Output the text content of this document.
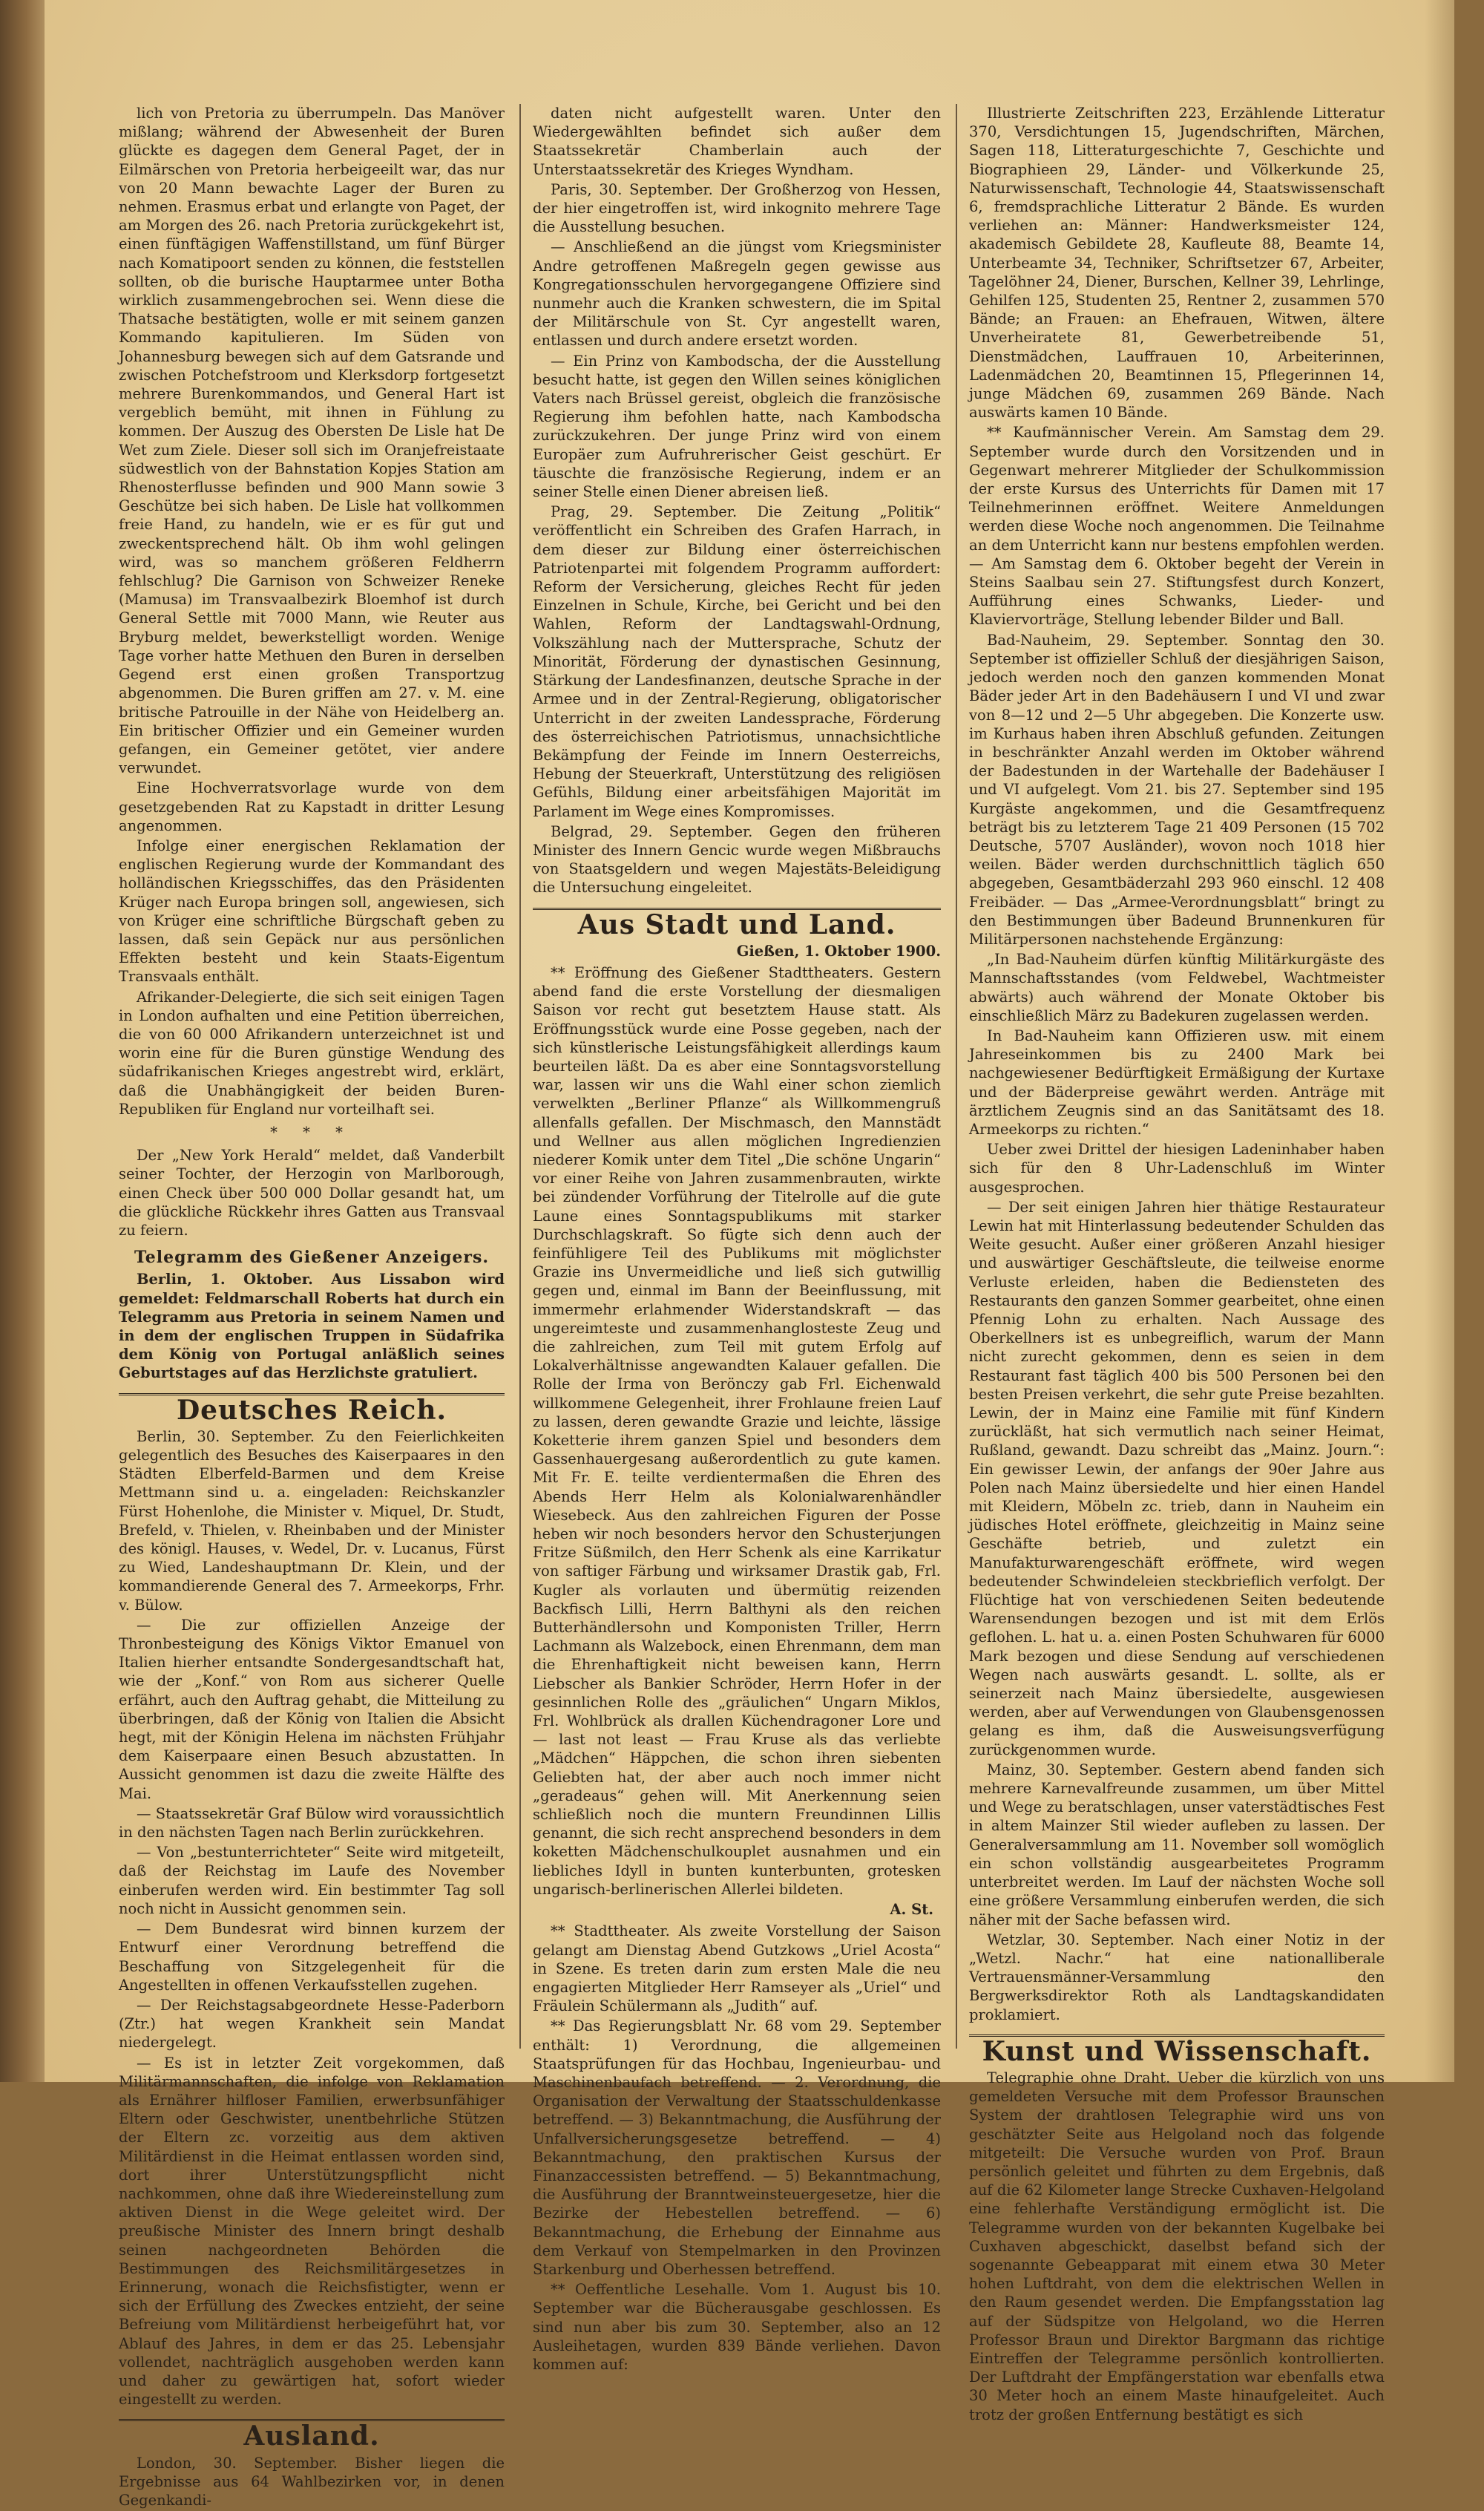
lich von Pretoria zu überrumpeln. Das Manöver mißlang; während der Abwesenheit der Buren glückte es dagegen dem General Paget, der in Eilmärschen von Pretoria herbeigeeilt war, das nur von 20 Mann bewachte Lager der Buren zu nehmen. Erasmus erbat und erlangte von Paget, der am Morgen des 26. nach Pretoria zurückgekehrt ist, einen fünftägigen Waffenstillstand, um fünf Bürger nach Komatipoort senden zu können, die feststellen sollten, ob die burische Hauptarmee unter Botha wirklich zusammengebrochen sei. Wenn diese die Thatsache bestätigten, wolle er mit seinem ganzen Kommando kapitulieren. Im Süden von Johannesburg bewegen sich auf dem Gatsrande und zwischen Potchefstroom und Klerksdorp fortgesetzt mehrere Burenkommandos, und General Hart ist vergeblich bemüht, mit ihnen in Fühlung zu kommen. Der Auszug des Obersten De Lisle hat De Wet zum Ziele. Dieser soll sich im Oranjefreistaate südwestlich von der Bahnstation Kopjes Station am Rhenosterflusse befinden und 900 Mann sowie 3 Geschütze bei sich haben. De Lisle hat vollkommen freie Hand, zu handeln, wie er es für gut und zweckentsprechend hält. Ob ihm wohl gelingen wird, was so manchem größeren Feldherrn fehlschlug? Die Garnison von Schweizer Reneke (Mamusa) im Transvaalbezirk Bloemhof ist durch General Settle mit 7000 Mann, wie Reuter aus Bryburg meldet, bewerkstelligt worden. Wenige Tage vorher hatte Methuen den Buren in derselben Gegend erst einen großen Transportzug abgenommen. Die Buren griffen am 27. v. M. eine britische Patrouille in der Nähe von Heidelberg an. Ein britischer Offizier und ein Gemeiner wurden gefangen, ein Gemeiner getötet, vier andere verwundet.

Eine Hochverratsvorlage wurde von dem gesetzgebenden Rat zu Kapstadt in dritter Lesung angenommen.

Infolge einer energischen Reklamation der englischen Regierung wurde der Kommandant des holländischen Kriegsschiffes, das den Präsidenten Krüger nach Europa bringen soll, angewiesen, sich von Krüger eine schriftliche Bürgschaft geben zu lassen, daß sein Gepäck nur aus persönlichen Effekten besteht und kein Staats-Eigentum Transvaals enthält.

Afrikander-Delegierte, die sich seit einigen Tagen in London aufhalten und eine Petition überreichen, die von 60 000 Afrikandern unterzeichnet ist und worin eine für die Buren günstige Wendung des südafrikanischen Krieges angestrebt wird, erklärt, daß die Unabhängigkeit der beiden Buren-Republiken für England nur vorteilhaft sei.

* * *

Der „New York Herald“ meldet, daß Vanderbilt seiner Tochter, der Herzogin von Marlborough, einen Check über 500 000 Dollar gesandt hat, um die glückliche Rückkehr ihres Gatten aus Transvaal zu feiern.

Telegramm des Gießener Anzeigers.

Berlin, 1. Oktober. Aus Lissabon wird gemeldet: Feldmarschall Roberts hat durch ein Telegramm aus Pretoria in seinem Namen und in dem der englischen Truppen in Südafrika dem König von Portugal anläßlich seines Geburtstages auf das Herzlichste gratuliert.

Deutsches Reich.

Berlin, 30. September. Zu den Feierlichkeiten gelegentlich des Besuches des Kaiserpaares in den Städten Elberfeld-Barmen und dem Kreise Mettmann sind u. a. eingeladen: Reichskanzler Fürst Hohenlohe, die Minister v. Miquel, Dr. Studt, Brefeld, v. Thielen, v. Rheinbaben und der Minister des königl. Hauses, v. Wedel, Dr. v. Lucanus, Fürst zu Wied, Landeshauptmann Dr. Klein, und der kommandierende General des 7. Armeekorps, Frhr. v. Bülow.

— Die zur offiziellen Anzeige der Thronbesteigung des Königs Viktor Emanuel von Italien hierher entsandte Sondergesandtschaft hat, wie der „Konf.“ von Rom aus sicherer Quelle erfährt, auch den Auftrag gehabt, die Mitteilung zu überbringen, daß der König von Italien die Absicht hegt, mit der Königin Helena im nächsten Frühjahr dem Kaiserpaare einen Besuch abzustatten. In Aussicht genommen ist dazu die zweite Hälfte des Mai.

— Staatssekretär Graf Bülow wird voraussichtlich in den nächsten Tagen nach Berlin zurückkehren.

— Von „bestunterrichteter“ Seite wird mitgeteilt, daß der Reichstag im Laufe des November einberufen werden wird. Ein bestimmter Tag soll noch nicht in Aussicht genommen sein.

— Dem Bundesrat wird binnen kurzem der Entwurf einer Verordnung betreffend die Beschaffung von Sitzgelegenheit für die Angestellten in offenen Verkaufsstellen zugehen.

— Der Reichstagsabgeordnete Hesse-Paderborn (Ztr.) hat wegen Krankheit sein Mandat niedergelegt.

— Es ist in letzter Zeit vorgekommen, daß Militärmannschaften, die infolge von Reklamation als Ernährer hilfloser Familien, erwerbsunfähiger Eltern oder Geschwister, unentbehrliche Stützen der Eltern zc. vorzeitig aus dem aktiven Militärdienst in die Heimat entlassen worden sind, dort ihrer Unterstützungspflicht nicht nachkommen, ohne daß ihre Wiedereinstellung zum aktiven Dienst in die Wege geleitet wird. Der preußische Minister des Innern bringt deshalb seinen nachgeordneten Behörden die Bestimmungen des Reichsmilitärgesetzes in Erinnerung, wonach die Reichsfistigter, wenn er sich der Erfüllung des Zweckes entzieht, der seine Befreiung vom Militärdienst herbeigeführt hat, vor Ablauf des Jahres, in dem er das 25. Lebensjahr vollendet, nachträglich ausgehoben werden kann und daher zu gewärtigen hat, sofort wieder eingestellt zu werden.

Ausland.

London, 30. September. Bisher liegen die Ergebnisse aus 64 Wahlbezirken vor, in denen Gegenkandi-

daten nicht aufgestellt waren. Unter den Wiedergewählten befindet sich außer dem Staatssekretär Chamberlain auch der Unterstaatssekretär des Krieges Wyndham.

Paris, 30. September. Der Großherzog von Hessen, der hier eingetroffen ist, wird inkognito mehrere Tage die Ausstellung besuchen.

— Anschließend an die jüngst vom Kriegsminister Andre getroffenen Maßregeln gegen gewisse aus Kongregationsschulen hervorgegangene Offiziere sind nunmehr auch die Kranken schwestern, die im Spital der Militärschule von St. Cyr angestellt waren, entlassen und durch andere ersetzt worden.

— Ein Prinz von Kambodscha, der die Ausstellung besucht hatte, ist gegen den Willen seines königlichen Vaters nach Brüssel gereist, obgleich die französische Regierung ihm befohlen hatte, nach Kambodscha zurückzukehren. Der junge Prinz wird von einem Europäer zum Aufruhrerischer Geist geschürt. Er täuschte die französische Regierung, indem er an seiner Stelle einen Diener abreisen ließ.

Prag, 29. September. Die Zeitung „Politik“ veröffentlicht ein Schreiben des Grafen Harrach, in dem dieser zur Bildung einer österreichischen Patriotenpartei mit folgendem Programm auffordert: Reform der Versicherung, gleiches Recht für jeden Einzelnen in Schule, Kirche, bei Gericht und bei den Wahlen, Reform der Landtagswahl-Ordnung, Volkszählung nach der Muttersprache, Schutz der Minorität, Förderung der dynastischen Gesinnung, Stärkung der Landesfinanzen, deutsche Sprache in der Armee und in der Zentral-Regierung, obligatorischer Unterricht in der zweiten Landessprache, Förderung des österreichischen Patriotismus, unnachsichtliche Bekämpfung der Feinde im Innern Oesterreichs, Hebung der Steuerkraft, Unterstützung des religiösen Gefühls, Bildung einer arbeitsfähigen Majorität im Parlament im Wege eines Kompromisses.

Belgrad, 29. September. Gegen den früheren Minister des Innern Gencic wurde wegen Mißbrauchs von Staatsgeldern und wegen Majestäts-Beleidigung die Untersuchung eingeleitet.

Aus Stadt und Land.
Gießen, 1. Oktober 1900.

** Eröffnung des Gießener Stadttheaters. Gestern abend fand die erste Vorstellung der diesmaligen Saison vor recht gut besetztem Hause statt. Als Eröffnungsstück wurde eine Posse gegeben, nach der sich künstlerische Leistungsfähigkeit allerdings kaum beurteilen läßt. Da es aber eine Sonntagsvorstellung war, lassen wir uns die Wahl einer schon ziemlich verwelkten „Berliner Pflanze“ als Willkommengruß allenfalls gefallen. Der Mischmasch, den Mannstädt und Wellner aus allen möglichen Ingredienzien niederer Komik unter dem Titel „Die schöne Ungarin“ vor einer Reihe von Jahren zusammenbrauten, wirkte bei zündender Vorführung der Titelrolle auf die gute Laune eines Sonntagspublikums mit starker Durchschlagskraft. So fügte sich denn auch der feinfühligere Teil des Publikums mit möglichster Grazie ins Unvermeidliche und ließ sich gutwillig gegen und, einmal im Bann der Beeinflussung, mit immermehr erlahmender Widerstandskraft — das ungereimteste und zusammenhanglosteste Zeug und die zahlreichen, zum Teil mit gutem Erfolg auf Lokalverhältnisse angewandten Kalauer gefallen. Die Rolle der Irma von Berönczy gab Frl. Eichenwald willkommene Gelegenheit, ihrer Frohlaune freien Lauf zu lassen, deren gewandte Grazie und leichte, lässige Koketterie ihrem ganzen Spiel und besonders dem Gassenhauergesang außerordentlich zu gute kamen. Mit Fr. E. teilte verdientermaßen die Ehren des Abends Herr Helm als Kolonialwarenhändler Wiesebeck. Aus den zahlreichen Figuren der Posse heben wir noch besonders hervor den Schusterjungen Fritze Süßmilch, den Herr Schenk als eine Karrikatur von saftiger Färbung und wirksamer Drastik gab, Frl. Kugler als vorlauten und übermütig reizenden Backfisch Lilli, Herrn Balthyni als den reichen Butterhändlersohn und Komponisten Triller, Herrn Lachmann als Walzebock, einen Ehrenmann, dem man die Ehrenhaftigkeit nicht beweisen kann, Herrn Liebscher als Bankier Schröder, Herrn Hofer in der gesinnlichen Rolle des „gräulichen“ Ungarn Miklos, Frl. Wohlbrück als drallen Küchendragoner Lore und — last not least — Frau Kruse als das verliebte „Mädchen“ Häppchen, die schon ihren siebenten Geliebten hat, der aber auch noch immer nicht „geradeaus“ gehen will. Mit Anerkennung seien schließlich noch die muntern Freundinnen Lillis genannt, die sich recht ansprechend besonders in dem koketten Mädchenschulkouplet ausnahmen und ein liebliches Idyll in bunten kunterbunten, grotesken ungarisch-berlinerischen Allerlei bildeten.

A. St.

** Stadttheater. Als zweite Vorstellung der Saison gelangt am Dienstag Abend Gutzkows „Uriel Acosta“ in Szene. Es treten darin zum ersten Male die neu engagierten Mitglieder Herr Ramseyer als „Uriel“ und Fräulein Schülermann als „Judith“ auf.

** Das Regierungsblatt Nr. 68 vom 29. September enthält: 1) Verordnung, die allgemeinen Staatsprüfungen für das Hochbau, Ingenieurbau- und Maschinenbaufach betreffend. — 2. Verordnung, die Organisation der Verwaltung der Staatsschuldenkasse betreffend. — 3) Bekanntmachung, die Ausführung der Unfallversicherungsgesetze betreffend. — 4) Bekanntmachung, den praktischen Kursus der Finanzaccessisten betreffend. — 5) Bekanntmachung, die Ausführung der Branntweinsteuergesetze, hier die Bezirke der Hebestellen betreffend. — 6) Bekanntmachung, die Erhebung der Einnahme aus dem Verkauf von Stempelmarken in den Provinzen Starkenburg und Oberhessen betreffend.

** Oeffentliche Lesehalle. Vom 1. August bis 10. September war die Bücherausgabe geschlossen. Es sind nun aber bis zum 30. September, also an 12 Ausleihetagen, wurden 839 Bände verliehen. Davon kommen auf:

Illustrierte Zeitschriften 223, Erzählende Litteratur 370, Versdichtungen 15, Jugendschriften, Märchen, Sagen 118, Litteraturgeschichte 7, Geschichte und Biographieen 29, Länder- und Völkerkunde 25, Naturwissenschaft, Technologie 44, Staatswissenschaft 6, fremdsprachliche Litteratur 2 Bände. Es wurden verliehen an: Männer: Handwerksmeister 124, akademisch Gebildete 28, Kaufleute 88, Beamte 14, Unterbeamte 34, Techniker, Schriftsetzer 67, Arbeiter, Tagelöhner 24, Diener, Burschen, Kellner 39, Lehrlinge, Gehilfen 125, Studenten 25, Rentner 2, zusammen 570 Bände; an Frauen: an Ehefrauen, Witwen, ältere Unverheiratete 81, Gewerbetreibende 51, Dienstmädchen, Lauffrauen 10, Arbeiterinnen, Ladenmädchen 20, Beamtinnen 15, Pflegerinnen 14, junge Mädchen 69, zusammen 269 Bände. Nach auswärts kamen 10 Bände.

** Kaufmännischer Verein. Am Samstag dem 29. September wurde durch den Vorsitzenden und in Gegenwart mehrerer Mitglieder der Schulkommission der erste Kursus des Unterrichts für Damen mit 17 Teilnehmerinnen eröffnet. Weitere Anmeldungen werden diese Woche noch angenommen. Die Teilnahme an dem Unterricht kann nur bestens empfohlen werden. — Am Samstag dem 6. Oktober begeht der Verein in Steins Saalbau sein 27. Stiftungsfest durch Konzert, Aufführung eines Schwanks, Lieder- und Klaviervorträge, Stellung lebender Bilder und Ball.

Bad-Nauheim, 29. September. Sonntag den 30. September ist offizieller Schluß der diesjährigen Saison, jedoch werden noch den ganzen kommenden Monat Bäder jeder Art in den Badehäusern I und VI und zwar von 8—12 und 2—5 Uhr abgegeben. Die Konzerte usw. im Kurhaus haben ihren Abschluß gefunden. Zeitungen in beschränkter Anzahl werden im Oktober während der Badestunden in der Wartehalle der Badehäuser I und VI aufgelegt. Vom 21. bis 27. September sind 195 Kurgäste angekommen, und die Gesamtfrequenz beträgt bis zu letzterem Tage 21 409 Personen (15 702 Deutsche, 5707 Ausländer), wovon noch 1018 hier weilen. Bäder werden durchschnittlich täglich 650 abgegeben, Gesamtbäderzahl 293 960 einschl. 12 408 Freibäder. — Das „Armee-Verordnungsblatt“ bringt zu den Bestimmungen über Badeund Brunnenkuren für Militärpersonen nachstehende Ergänzung:

„In Bad-Nauheim dürfen künftig Militärkurgäste des Mannschaftsstandes (vom Feldwebel, Wachtmeister abwärts) auch während der Monate Oktober bis einschließlich März zu Badekuren zugelassen werden.

In Bad-Nauheim kann Offizieren usw. mit einem Jahreseinkommen bis zu 2400 Mark bei nachgewiesener Bedürftigkeit Ermäßigung der Kurtaxe und der Bäderpreise gewährt werden. Anträge mit ärztlichem Zeugnis sind an das Sanitätsamt des 18. Armeekorps zu richten.“

Ueber zwei Drittel der hiesigen Ladeninhaber haben sich für den 8 Uhr-Ladenschluß im Winter ausgesprochen.

— Der seit einigen Jahren hier thätige Restaurateur Lewin hat mit Hinterlassung bedeutender Schulden das Weite gesucht. Außer einer größeren Anzahl hiesiger und auswärtiger Geschäftsleute, die teilweise enorme Verluste erleiden, haben die Bediensteten des Restaurants den ganzen Sommer gearbeitet, ohne einen Pfennig Lohn zu erhalten. Nach Aussage des Oberkellners ist es unbegreiflich, warum der Mann nicht zurecht gekommen, denn es seien in dem Restaurant fast täglich 400 bis 500 Personen bei den besten Preisen verkehrt, die sehr gute Preise bezahlten. Lewin, der in Mainz eine Familie mit fünf Kindern zurückläßt, hat sich vermutlich nach seiner Heimat, Rußland, gewandt. Dazu schreibt das „Mainz. Journ.“: Ein gewisser Lewin, der anfangs der 90er Jahre aus Polen nach Mainz übersiedelte und hier einen Handel mit Kleidern, Möbeln zc. trieb, dann in Nauheim ein jüdisches Hotel eröffnete, gleichzeitig in Mainz seine Geschäfte betrieb, und zuletzt ein Manufakturwarengeschäft eröffnete, wird wegen bedeutender Schwindeleien steckbrieflich verfolgt. Der Flüchtige hat von verschiedenen Seiten bedeutende Warensendungen bezogen und ist mit dem Erlös geflohen. L. hat u. a. einen Posten Schuhwaren für 6000 Mark bezogen und diese Sendung auf verschiedenen Wegen nach auswärts gesandt. L. sollte, als er seinerzeit nach Mainz übersiedelte, ausgewiesen werden, aber auf Verwendungen von Glaubensgenossen gelang es ihm, daß die Ausweisungsverfügung zurückgenommen wurde.

Mainz, 30. September. Gestern abend fanden sich mehrere Karnevalfreunde zusammen, um über Mittel und Wege zu beratschlagen, unser vaterstädtisches Fest in altem Mainzer Stil wieder aufleben zu lassen. Der Generalversammlung am 11. November soll womöglich ein schon vollständig ausgearbeitetes Programm unterbreitet werden. Im Lauf der nächsten Woche soll eine größere Versammlung einberufen werden, die sich näher mit der Sache befassen wird.

Wetzlar, 30. September. Nach einer Notiz in der „Wetzl. Nachr.“ hat eine nationalliberale Vertrauensmänner-Versammlung den Bergwerksdirektor Roth als Landtagskandidaten proklamiert.

Kunst und Wissenschaft.

Telegraphie ohne Draht. Ueber die kürzlich von uns gemeldeten Versuche mit dem Professor Braunschen System der drahtlosen Telegraphie wird uns von geschätzter Seite aus Helgoland noch das folgende mitgeteilt: Die Versuche wurden von Prof. Braun persönlich geleitet und führten zu dem Ergebnis, daß auf die 62 Kilometer lange Strecke Cuxhaven-Helgoland eine fehlerhafte Verständigung ermöglicht ist. Die Telegramme wurden von der bekannten Kugelbake bei Cuxhaven abgeschickt, daselbst befand sich der sogenannte Gebeapparat mit einem etwa 30 Meter hohen Luftdraht, von dem die elektrischen Wellen in den Raum gesendet werden. Die Empfangsstation lag auf der Südspitze von Helgoland, wo die Herren Professor Braun und Direktor Bargmann das richtige Eintreffen der Telegramme persönlich kontrollierten. Der Luftdraht der Empfängerstation war ebenfalls etwa 30 Meter hoch an einem Maste hinaufgeleitet. Auch trotz der großen Entfernung bestätigt es sich
